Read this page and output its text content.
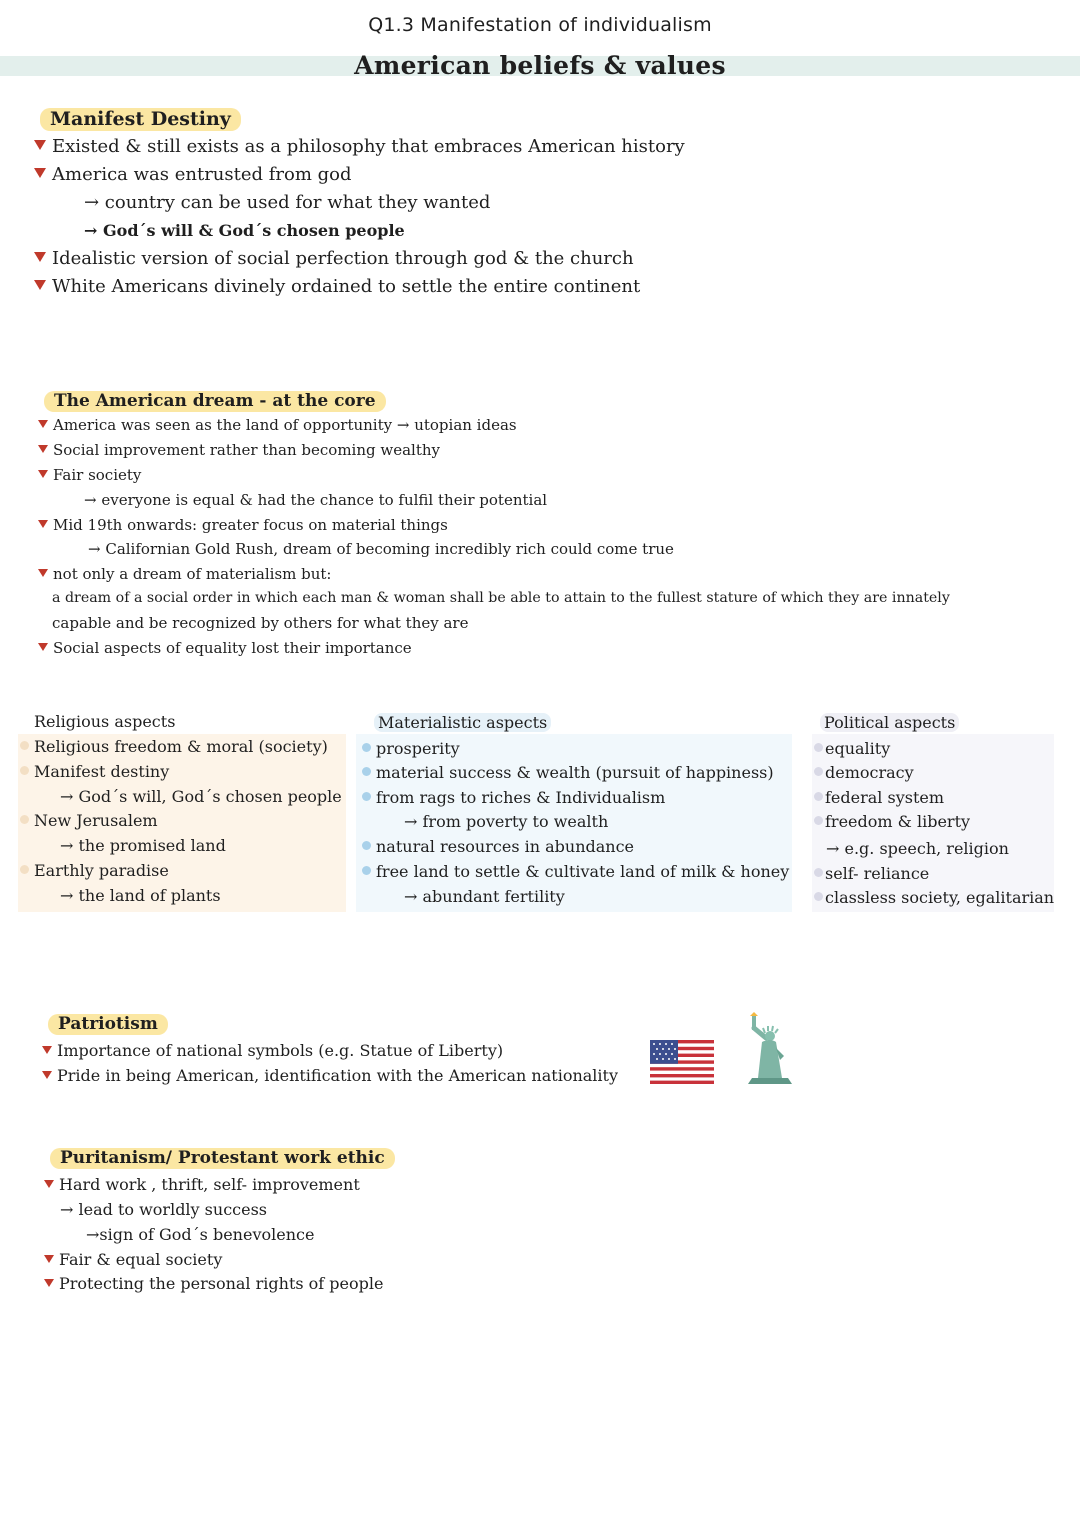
Q1.3 Manifestation of individualism
American beliefs & values
Manifest Destiny
Existed & still exists as a philosophy that embraces American history
America was entrusted from god
→ country can be used for what they wanted
→ God´s will & God´s chosen people
Idealistic version of social perfection through god & the church
White Americans divinely ordained to settle the entire continent
The American dream - at the core
America was seen as the land of opportunity → utopian ideas
Social improvement rather than becoming wealthy
Fair society
→ everyone is equal & had the chance to fulfil their potential
Mid 19th onwards: greater focus on material things
→ Californian Gold Rush, dream of becoming incredibly rich could come true
not only a dream of materialism but:
a dream of a social order in which each man & woman shall be able to attain to the fullest stature of which they are innately
capable and be recognized by others for what they are
Social aspects of equality lost their importance
Religious aspects
Religious freedom & moral (society)
Manifest destiny
→ God´s will, God´s chosen people
New Jerusalem
→ the promised land
Earthly paradise
→ the land of plants
Materialistic aspects
prosperity
material success & wealth (pursuit of happiness)
from rags to riches & Individualism
→ from poverty to wealth
natural resources in abundance
free land to settle & cultivate land of milk & honey
→ abundant fertility
Political aspects
equality
democracy
federal system
freedom & liberty
→ e.g. speech, religion
self- reliance
classless society, egalitarian
Patriotism
Importance of national symbols (e.g. Statue of Liberty)
Pride in being American, identification with the American nationality
Puritanism/ Protestant work ethic
Hard work , thrift, self- improvement
→ lead to worldly success
→sign of God´s benevolence
Fair & equal society
Protecting the personal rights of people
